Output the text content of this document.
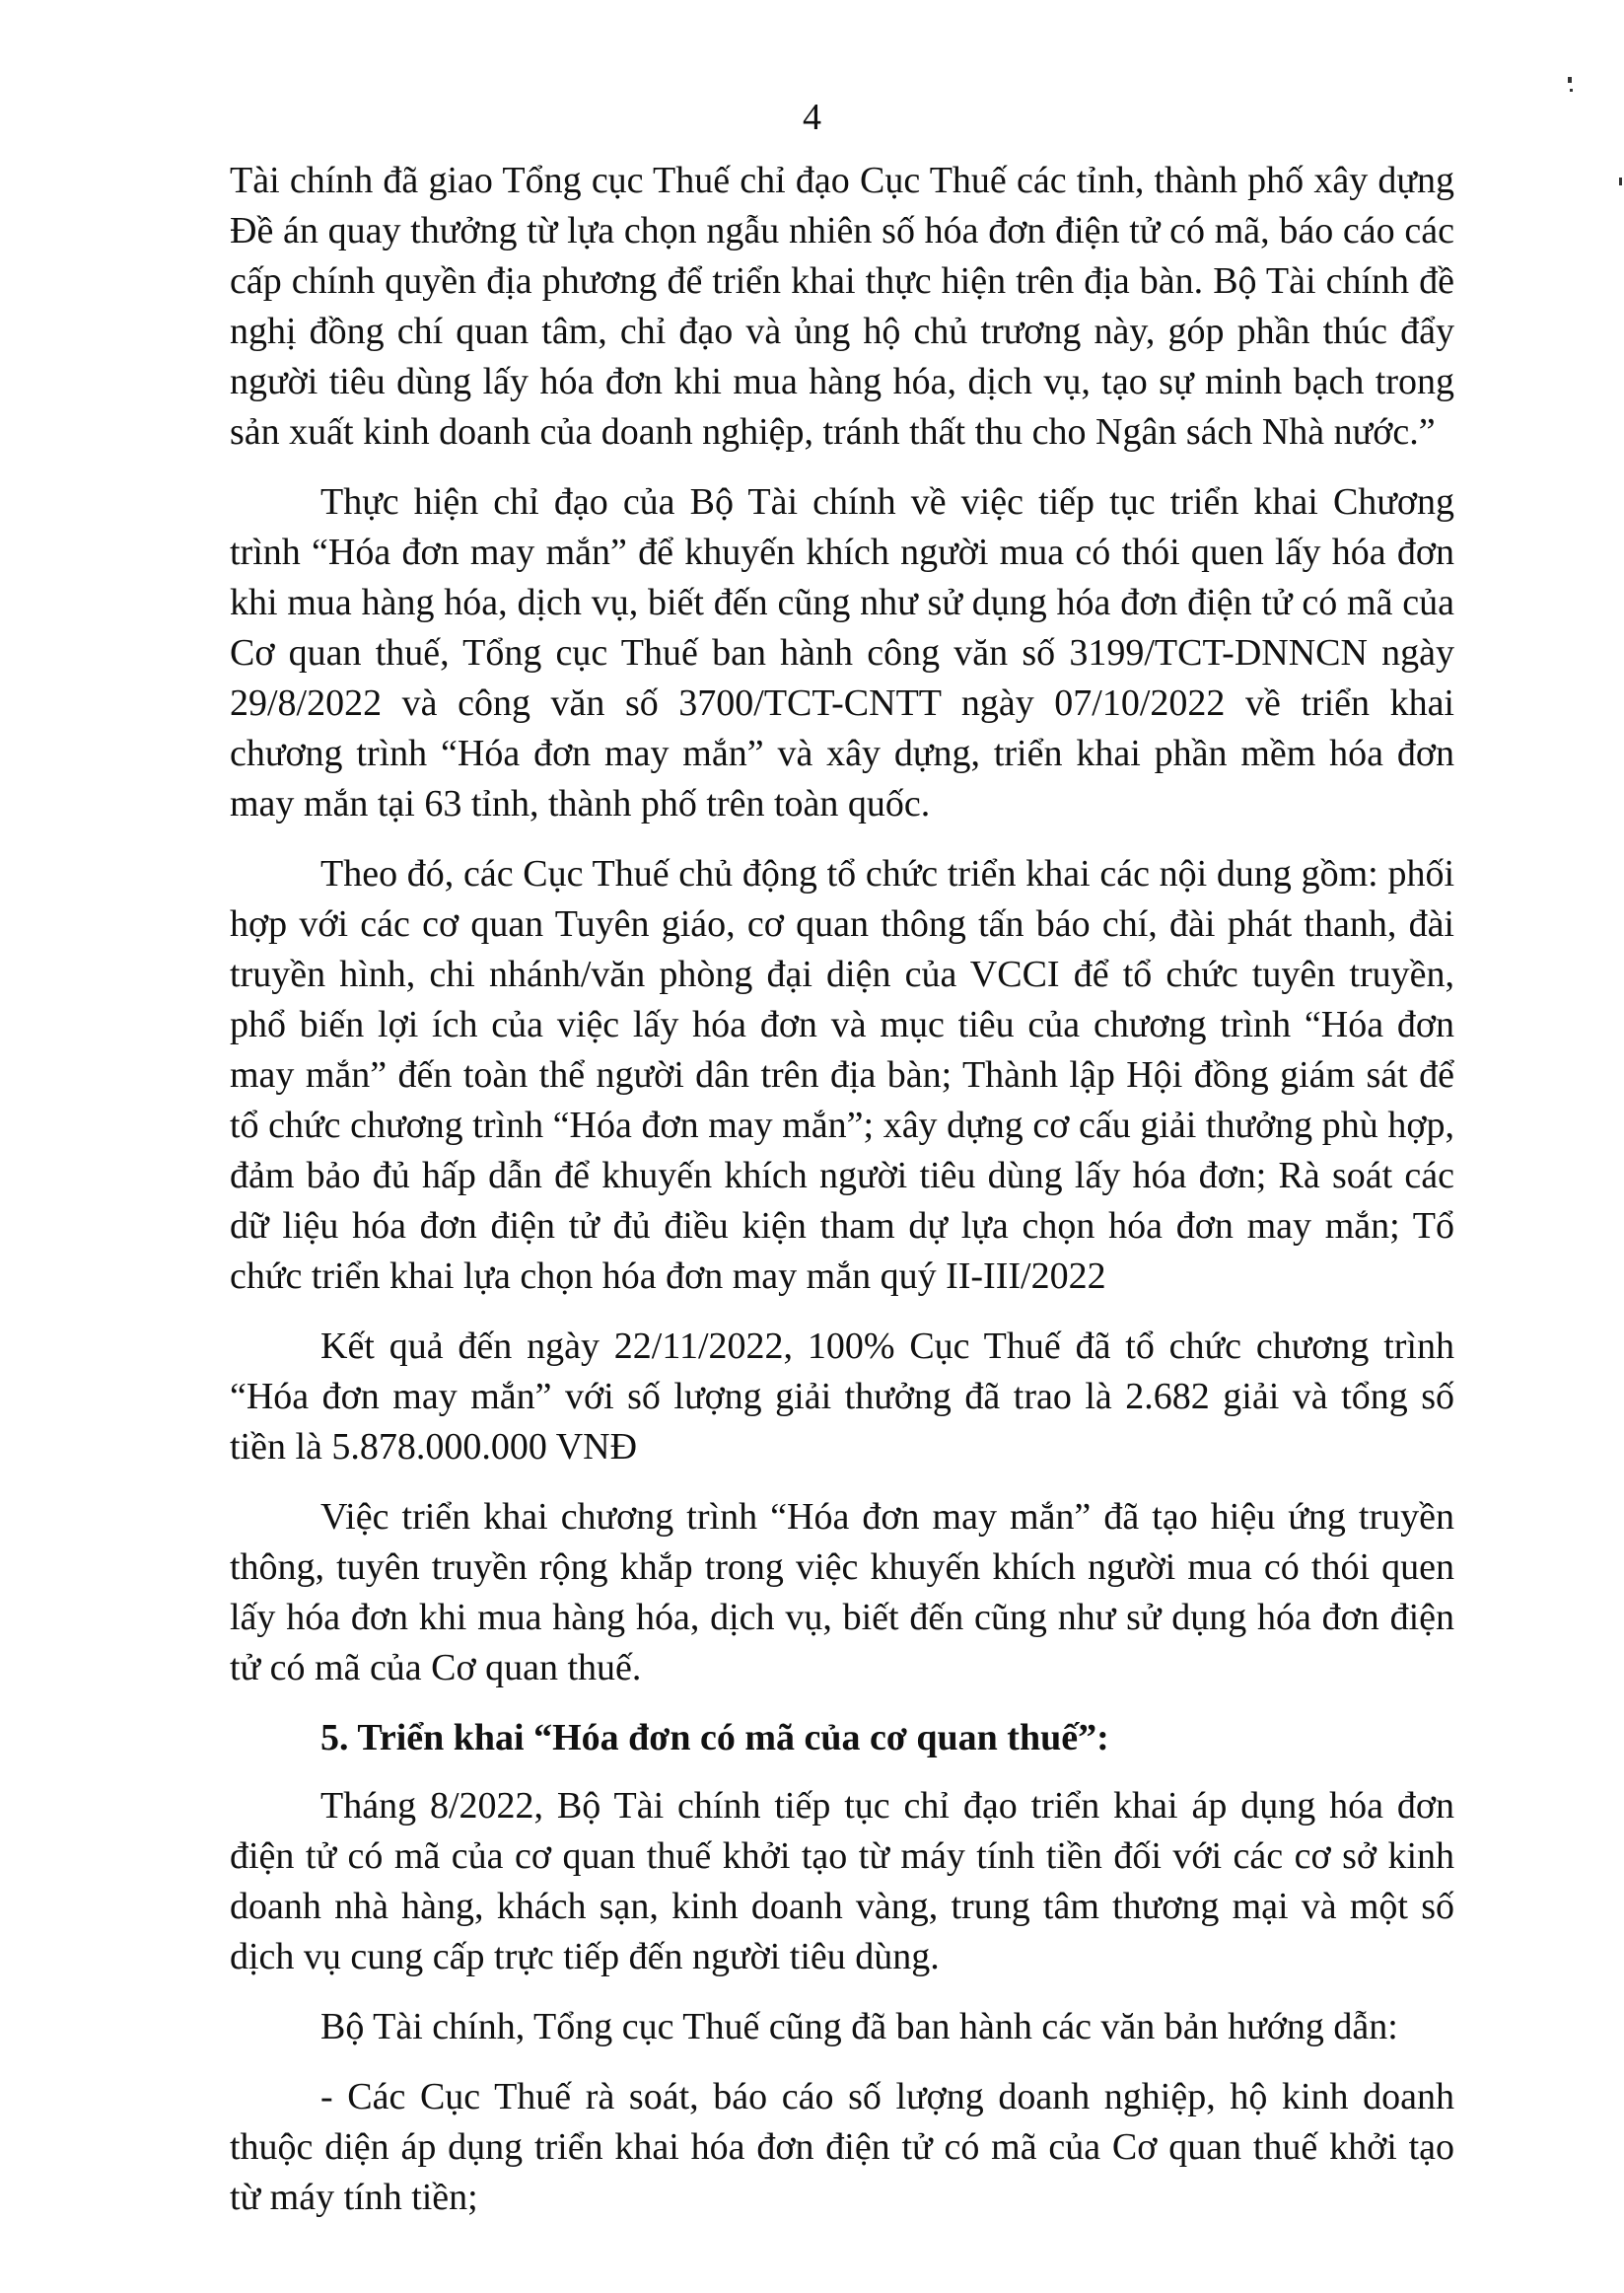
4

Tài chính đã giao Tổng cục Thuế chỉ đạo Cục Thuế các tỉnh, thành phố xây dựng Đề án quay thưởng từ lựa chọn ngẫu nhiên số hóa đơn điện tử có mã, báo cáo các cấp chính quyền địa phương để triển khai thực hiện trên địa bàn. Bộ Tài chính đề nghị đồng chí quan tâm, chỉ đạo và ủng hộ chủ trương này, góp phần thúc đẩy người tiêu dùng lấy hóa đơn khi mua hàng hóa, dịch vụ, tạo sự minh bạch trong sản xuất kinh doanh của doanh nghiệp, tránh thất thu cho Ngân sách Nhà nước.”

Thực hiện chỉ đạo của Bộ Tài chính về việc tiếp tục triển khai Chương trình “Hóa đơn may mắn” để khuyến khích người mua có thói quen lấy hóa đơn khi mua hàng hóa, dịch vụ, biết đến cũng như sử dụng hóa đơn điện tử có mã của Cơ quan thuế, Tổng cục Thuế ban hành công văn số 3199/TCT-DNNCN ngày 29/8/2022 và công văn số 3700/TCT-CNTT ngày 07/10/2022 về triển khai chương trình “Hóa đơn may mắn” và xây dựng, triển khai phần mềm hóa đơn may mắn tại 63 tỉnh, thành phố trên toàn quốc.

Theo đó, các Cục Thuế chủ động tổ chức triển khai các nội dung gồm: phối hợp với các cơ quan Tuyên giáo, cơ quan thông tấn báo chí, đài phát thanh, đài truyền hình, chi nhánh/văn phòng đại diện của VCCI để tổ chức tuyên truyền, phổ biến lợi ích của việc lấy hóa đơn và mục tiêu của chương trình “Hóa đơn may mắn” đến toàn thể người dân trên địa bàn; Thành lập Hội đồng giám sát để tổ chức chương trình “Hóa đơn may mắn”; xây dựng cơ cấu giải thưởng phù hợp, đảm bảo đủ hấp dẫn để khuyến khích người tiêu dùng lấy hóa đơn; Rà soát các dữ liệu hóa đơn điện tử đủ điều kiện tham dự lựa chọn hóa đơn may mắn; Tổ chức triển khai lựa chọn hóa đơn may mắn quý II-III/2022

Kết quả đến ngày 22/11/2022, 100% Cục Thuế đã tổ chức chương trình “Hóa đơn may mắn” với số lượng giải thưởng đã trao là 2.682 giải và tổng số tiền là 5.878.000.000 VNĐ

Việc triển khai chương trình “Hóa đơn may mắn” đã tạo hiệu ứng truyền thông, tuyên truyền rộng khắp trong việc khuyến khích người mua có thói quen lấy hóa đơn khi mua hàng hóa, dịch vụ, biết đến cũng như sử dụng hóa đơn điện tử có mã của Cơ quan thuế.

5. Triển khai “Hóa đơn có mã của cơ quan thuế”:

Tháng 8/2022, Bộ Tài chính tiếp tục chỉ đạo triển khai áp dụng hóa đơn điện tử có mã của cơ quan thuế khởi tạo từ máy tính tiền đối với các cơ sở kinh doanh nhà hàng, khách sạn, kinh doanh vàng, trung tâm thương mại và một số dịch vụ cung cấp trực tiếp đến người tiêu dùng.

Bộ Tài chính, Tổng cục Thuế cũng đã ban hành các văn bản hướng dẫn:

- Các Cục Thuế rà soát, báo cáo số lượng doanh nghiệp, hộ kinh doanh thuộc diện áp dụng triển khai hóa đơn điện tử có mã của Cơ quan thuế khởi tạo từ máy tính tiền;
